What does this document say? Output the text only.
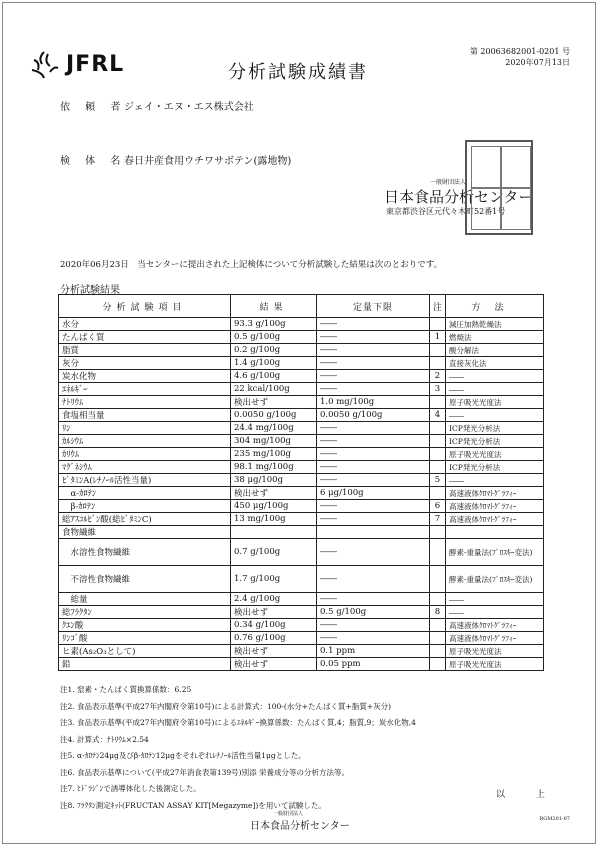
JFRL	分析試験成績書
第 20063682001-0201 号
2020年07月13日
依 頼 者
ジェイ・エヌ・エス株式会社
検 体 名
春日井産食用ウチワサボテン(露地物)
一般財団法人
日本食品分析センター
東京都渋谷区元代々木町52番1号
2020年06月23日　当センターに提出された上記検体について分析試験した結果は次のとおりです。
分析試験結果
分析試験項目	結果	定量下限	注	方法
水分	93.3 g/100g	――		減圧加熱乾燥法
たんぱく質	0.5 g/100g	――	1	燃焼法
脂質	0.2 g/100g	――		酸分解法
灰分	1.4 g/100g	――		直接灰化法
炭水化物	4.6 g/100g	――	2	――
ｴﾈﾙｷﾞｰ	22 kcal/100g	――	3	――
ﾅﾄﾘｳﾑ	検出せず	1.0 mg/100g		原子吸光光度法
食塩相当量	0.0050 g/100g	0.0050 g/100g	4	――
ﾘﾝ	24.4 mg/100g	――		ICP発光分析法
ｶﾙｼｳﾑ	304 mg/100g	――		ICP発光分析法
ｶﾘｳﾑ	235 mg/100g	――		原子吸光光度法
ﾏｸﾞﾈｼｳﾑ	98.1 mg/100g	――		ICP発光分析法
ﾋﾞﾀﾐﾝA(ﾚﾁﾉｰﾙ活性当量)	38 μg/100g	――	5	――
　α-ｶﾛﾃﾝ	検出せず	6 μg/100g		高速液体ｸﾛﾏﾄｸﾞﾗﾌｨｰ
　β-ｶﾛﾃﾝ	450 μg/100g	――	6	高速液体ｸﾛﾏﾄｸﾞﾗﾌｨｰ
総ｱｽｺﾙﾋﾞﾝ酸(総ﾋﾞﾀﾐﾝC)	13 mg/100g	――	7	高速液体ｸﾛﾏﾄｸﾞﾗﾌｨｰ
食物繊維				
　水溶性食物繊維	0.7 g/100g	――		酵素-重量法(ﾌﾟﾛｽｷｰ変法)
　不溶性食物繊維	1.7 g/100g	――		酵素-重量法(ﾌﾟﾛｽｷｰ変法)
　総量	2.4 g/100g	――		――
総ﾌﾗｸﾀﾝ	検出せず	0.5 g/100g	8	――
ｸｴﾝ酸	0.34 g/100g	――		高速液体ｸﾛﾏﾄｸﾞﾗﾌｨｰ
ﾘﾝｺﾞ酸	0.76 g/100g	――		高速液体ｸﾛﾏﾄｸﾞﾗﾌｨｰ
ヒ素(As₂O₃として)	検出せず	0.1 ppm		原子吸光光度法
鉛	検出せず	0.05 ppm		原子吸光光度法
注1. 窒素・たんぱく質換算係数：6.25
注2. 食品表示基準(平成27年内閣府令第10号)による計算式：100-(水分+たんぱく質+脂質+灰分)
注3. 食品表示基準(平成27年内閣府令第10号)によるｴﾈﾙｷﾞｰ換算係数：たんぱく質,4；脂質,9；炭水化物,4
注4. 計算式：ﾅﾄﾘｳﾑ×2.54
注5. α-ｶﾛﾃﾝ24μg及びβ-ｶﾛﾃﾝ12μgをそれぞれﾚﾁﾉｰﾙ活性当量1μgとした。
注6. 食品表示基準について(平成27年消食表第139号)別添 栄養成分等の分析方法等。
注7. ﾋﾄﾞﾗｼﾞﾝで誘導体化した後測定した。
注8. ﾌﾗｸﾀﾝ測定ｷｯﾄ(FRUCTAN ASSAY KIT[Megazyme])を用いて試験した。
以 上
一般財団法人
日本食品分析センター
RGM201-07
